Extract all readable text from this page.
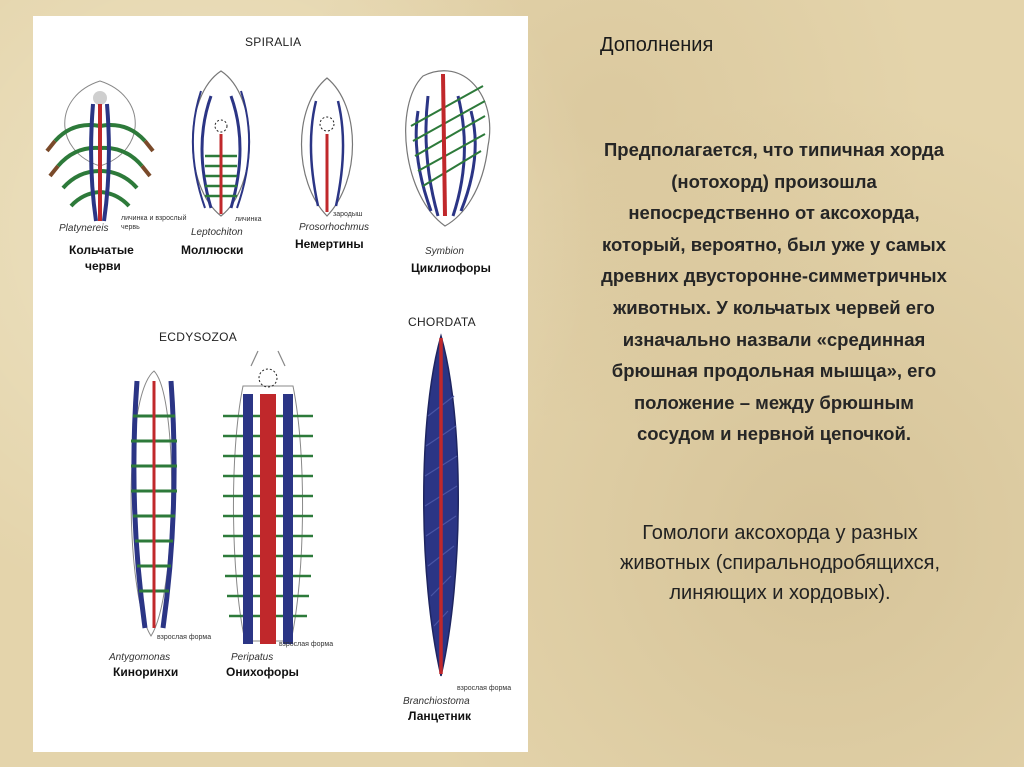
SPIRALIA
ECDYSOZOA
CHORDATA
личинка и взрослый
червь
Platynereis
Кольчатые
черви
личинка
Leptochiton
Моллюски
зародыш
Prosorhochmus
Немертины
Symbion
Циклиофоры
взрослая форма
Antygomonas
Киноринхи
взрослая форма
Peripatus
Онихофоры
взрослая форма
Branchiostoma
Ланцетник
Дополнения
Предполагается, что типичная хорда
(нотохорд) произошла
непосредственно от аксохорда,
который, вероятно, был уже у самых
древних двусторонне-симметричных
животных. У кольчатых червей его
изначально назвали «срединная
брюшная продольная мышца», его
положение – между брюшным
сосудом и нервной цепочкой.
Гомологи аксохорда у разных
животных (спиральнодробящихся,
линяющих и хордовых).
